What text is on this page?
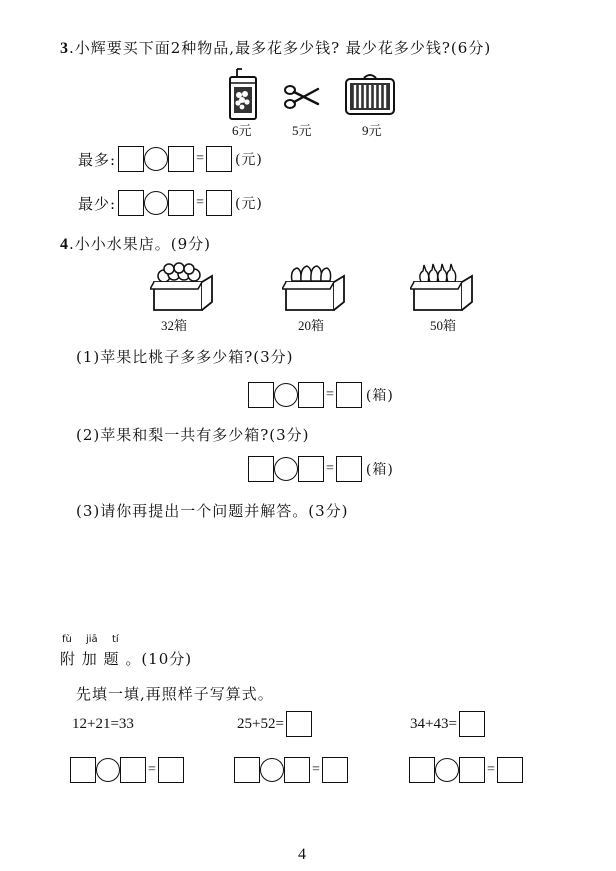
3.小辉要买下面2种物品,最多花多少钱? 最少花多少钱?(6分)
6元	5元	9元
最多:	= (元)
最少:	= (元)
4.小小水果店。(9分)
32箱	20箱	50箱
(1)苹果比桃子多多少箱?(3分)
= (箱)
(2)苹果和梨一共有多少箱?(3分)
= (箱)
(3)请你再提出一个问题并解答。(3分)
fù jiā tí
附 加 题 。(10分)
先填一填,再照样子写算式。
12+21=33	25+52=	34+43=
=	=	=
4
